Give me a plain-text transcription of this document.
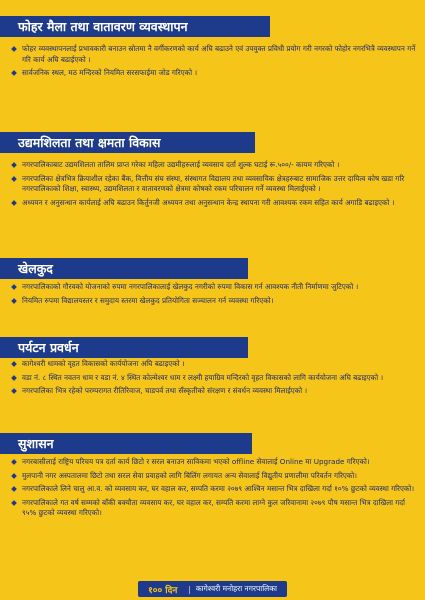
फोहर मैला तथा वातावरण व्यवस्थापन
फोहर व्यवस्थापनलाई प्रभावकारी बनाउन स्रोतमा नै वर्गीकरणको कार्य अघि बढाउने एवं उपयुक्त प्रविधी प्रयोग गरी नगरको फोहोर नगरभित्रै व्यवस्थापन गर्ने गरि कार्य अघि बढाईएको ।
सार्वजनिक स्थल, मठ मन्दिरको नियमित सरसफाईमा जोड गरिएको ।
उद्यमशिलता तथा क्षमता विकास
नगरपालिकाबाट उद्यमशिलता तालिम प्राप्त गरेका महिला उद्यमीहरुलाई व्यवसाय दर्ता शुल्क घटाई रू.५००/- कायम गरिएको ।
नगरपालिका क्षेत्रभित्र क्रियाशील रहेका बैंक, वित्तीय संघ संस्था, संस्थागत विद्यालय तथा व्यवसायिक क्षेत्रहरुबाट सामाजिक उत्तर दायित्व कोष खडा गरि नगरपालिकाको शिक्षा, स्वास्थ्य, उद्यमशिलता र वातावरणको क्षेत्रमा कोषको रकम परिचालन गर्ने व्यवस्था मिलाईएको ।
अध्ययन र अनुसन्धान कार्यलाई अघि बढाउन किर्तुनजी अध्ययन तथा अनुसन्धान केन्द्र स्थापना गरी आवश्यक रकम सहित कार्य अगाडि बढाइएको ।
खेलकुद
नगरपालिकाको गौरवको योजनाको रुपमा नगरपालिकालाई खेलकुद नगरीको रुपमा विकास गर्न आवश्यक नीती निर्माणमा जुटिएको ।
नियमित रुपमा विद्यालयस्तर र समुदाय स्तरमा खेलकुद प्रतियोगिता सञ्चालन गर्न व्यवस्था गरिएको।
पर्यटन प्रवर्धन
कागेश्वरी धामको वृहत विकासको कार्ययोजना अघि बढाइएको ।
वडा नं. ८ स्थित नवतन धाम र वडा नं. ४ स्थित कोल्मेश्वर धाम र लक्ष्मी हयाग्रिव मन्दिरको वृहत विकासको लागि कार्ययोजना अघि बढाइएको ।
नगरपालिका भित्र रहेको परम्परागत रीतिरिवाज, चाडपर्व तथा सँस्कृतीको संरक्षण र संवर्धन व्यवस्था मिलाईएको ।
सुशासन
नगरबासीलाई राष्ट्रिय परिचय पत्र दर्ता कार्य छिटो र सरल बनाउन साविकमा भएको offline सेवालाई Online मा Upgrade गरिएको।
मुलपानी नगर अस्पतालमा छिटो तथा सरल सेवा प्रवाहको लागि बिलिंग लगायत अन्य सेवालाई विद्युतीय प्रणालीमा परिवर्तन गरिएको।
नगरपालिकाले लिने चालु आ.व. को व्यवसाय कर, घर वहाल कर, सम्पति करमा २०७९ आश्विन मसान्त भित्र दाखिला गर्दा १०% छुटको व्यवस्था गरिएको।
नगरपालिकाले गत वर्ष सम्मको बाँकी बक्यौता व्यवसाय कर, घर वहाल कर, सम्पति करमा लाग्ने कुल जरिवानामा २०७९ पौष मसान्त भित्र दाखिला गर्दा ९५% छुटको व्यवस्था गरिएको।
१०० दिन | कागेश्वरी मनोहरा नगरपालिका
